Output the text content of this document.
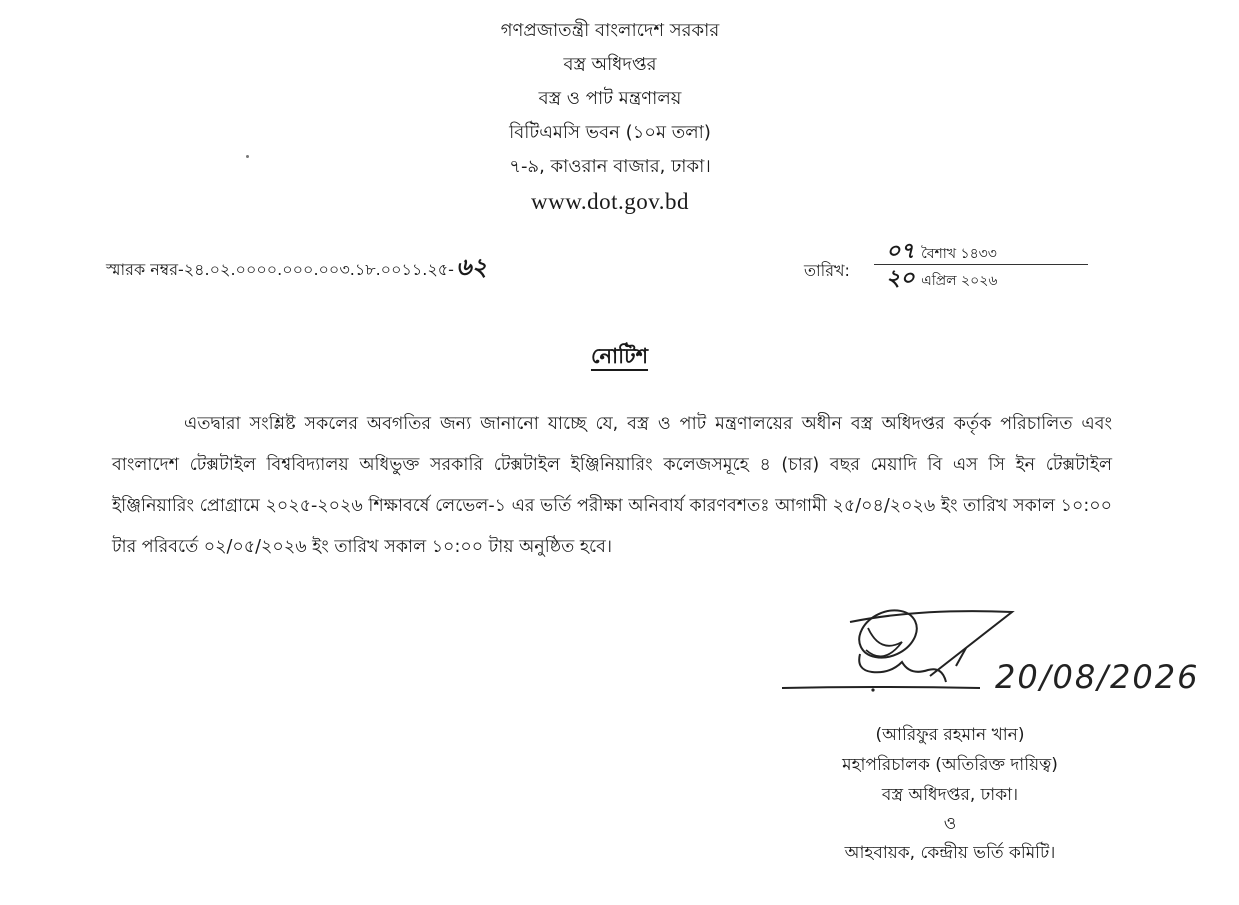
গণপ্রজাতন্ত্রী বাংলাদেশ সরকার
বস্ত্র অধিদপ্তর
বস্ত্র ও পাট মন্ত্রণালয়
বিটিএমসি ভবন (১০ম তলা)
৭-৯, কাওরান বাজার, ঢাকা।
www.dot.gov.bd
স্মারক নম্বর-২৪.০২.০০০০.০০০.০০৩.১৮.০০১১.২৫-৬২	তারিখ:
০৭ বৈশাখ ১৪৩৩
২০ এপ্রিল ২০২৬
নোটিশ

এতদ্বারা সংশ্লিষ্ট সকলের অবগতির জন্য জানানো যাচ্ছে যে, বস্ত্র ও পাট মন্ত্রণালয়ের অধীন বস্ত্র অধিদপ্তর কর্তৃক পরিচালিত এবং বাংলাদেশ টেক্সটাইল বিশ্ববিদ্যালয় অধিভুক্ত সরকারি টেক্সটাইল ইঞ্জিনিয়ারিং কলেজসমূহে ৪ (চার) বছর মেয়াদি বি এস সি ইন টেক্সটাইল ইঞ্জিনিয়ারিং প্রোগ্রামে ২০২৫-২০২৬ শিক্ষাবর্ষে লেভেল-১ এর ভর্তি পরীক্ষা অনিবার্য কারণবশতঃ আগামী ২৫/০৪/২০২৬ ইং তারিখ সকাল ১০:০০ টার পরিবর্তে ০২/০৫/২০২৬ ইং তারিখ সকাল ১০:০০ টায় অনুষ্ঠিত হবে।

20/08/2026
(আরিফুর রহমান খান)
মহাপরিচালক (অতিরিক্ত দায়িত্ব)
বস্ত্র অধিদপ্তর, ঢাকা।
ও
আহবায়ক, কেন্দ্রীয় ভর্তি কমিটি।
